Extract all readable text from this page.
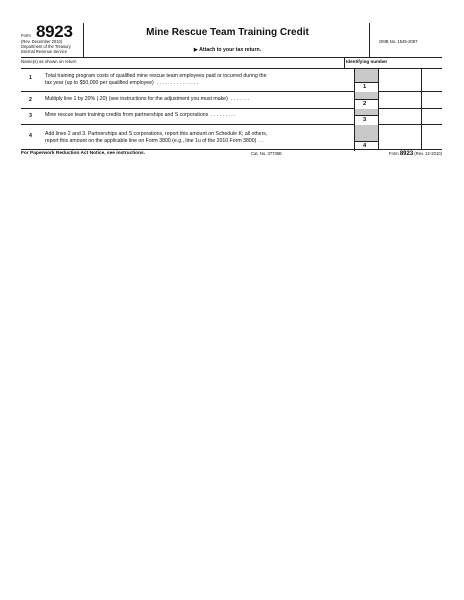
Form 8923
(Rev. December 2010)
Department of the Treasury
Internal Revenue Service
Mine Rescue Team Training Credit
▶ Attach to your tax return.
OMB No. 1545-2087
Name(s) as shown on return	Identifying number
1	Total training program costs of qualified mine rescue team employees paid or incurred during the
tax year (up to $50,000 per qualified employee) . . . . . . . . . . . . . . .
1
2	Multiply line 1 by 20% (.20) (see instructions for the adjustment you must make) . . . . . . .
2
3	Mine rescue team training credits from partnerships and S corporations . . . . . . . . .
3
4	Add lines 2 and 3. Partnerships and S corporations, report this amount on Schedule K; all others,
report this amount on the applicable line on Form 3800 (e.g., line 1u of the 2010 Form 3800) . .
4
For Paperwork Reduction Act Notice, see instructions.	Cat. No. 37735E	Form 8923 (Rev. 12-2010)
